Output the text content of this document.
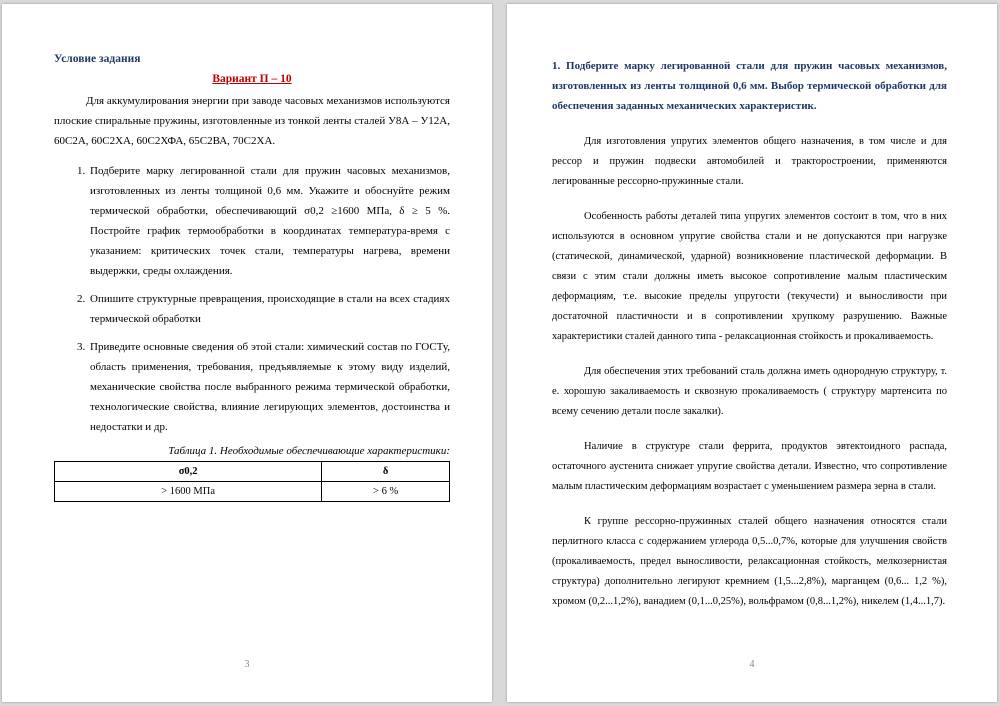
Условие задания
Вариант П – 10

Для аккумулирования энергии при заводе часовых механизмов используются плоские спиральные пружины, изготовленные из тонкой ленты сталей У8А – У12А, 60С2А, 60С2ХА, 60С2ХФА, 65С2ВА, 70С2ХА.

1. Подберите марку легированной стали для пружин часовых механизмов, изготовленных из ленты толщиной 0,6 мм. Укажите и обоснуйте режим термической обработки, обеспечивающий σ0,2 ≥1600 МПа, δ ≥ 5 %. Постройте график термообработки в координатах температура-время с указанием: критических точек стали, температуры нагрева, времени выдержки, среды охлаждения.
2. Опишите структурные превращения, происходящие в стали на всех стадиях термической обработки
3. Приведите основные сведения об этой стали: химический состав по ГОСТу, область применения, требования, предъявляемые к этому виду изделий, механические свойства после выбранного режима термической обработки, технологические свойства, влияние легирующих элементов, достоинства и недостатки и др.
Таблица 1. Необходимые обеспечивающие характеристики:
σ0,2	δ
> 1600 МПа	> 6 %
3
1. Подберите марку легированной стали для пружин часовых механизмов, изготовленных из ленты толщиной 0,6 мм. Выбор термической обработки для обеспечения заданных механических характеристик.

Для изготовления упругих элементов общего назначения, в том числе и для рессор и пружин подвески автомобилей и тракторостроении, применяются легированные рессорно-пружинные стали.

Особенность работы деталей типа упругих элементов состоит в том, что в них используются в основном упругие свойства стали и не допускаются при нагрузке (статической, динамической, ударной) возникновение пластической деформации. В связи с этим стали должны иметь высокое сопротивление малым пластическим деформациям, т.е. высокие пределы упругости (текучести) и выносливости при достаточной пластичности и в сопротивлении хрупкому разрушению. Важные характеристики сталей данного типа - релаксационная стойкость и прокаливаемость.

Для обеспечения этих требований сталь должна иметь однородную структуру, т. е. хорошую закаливаемость и сквозную прокаливаемость ( структуру мартенсита по всему сечению детали после закалки).

Наличие в структуре стали феррита, продуктов эвтектоидного распада, остаточного аустенита снижает упругие свойства детали. Известно, что сопротивление малым пластическим деформациям возрастает с уменьшением размера зерна в стали.

К группе рессорно-пружинных сталей общего назначения относятся стали перлитного класса с содержанием углерода 0,5...0,7%, которые для улучшения свойств (прокаливаемость, предел выносливости, релаксационная стойкость, мелкозернистая структура) дополнительно легируют кремнием (1,5...2,8%), марганцем (0,6... 1,2 %), хромом (0,2...1,2%), ванадием (0,1...0,25%), вольфрамом (0,8...1,2%), никелем (1,4...1,7).

4
